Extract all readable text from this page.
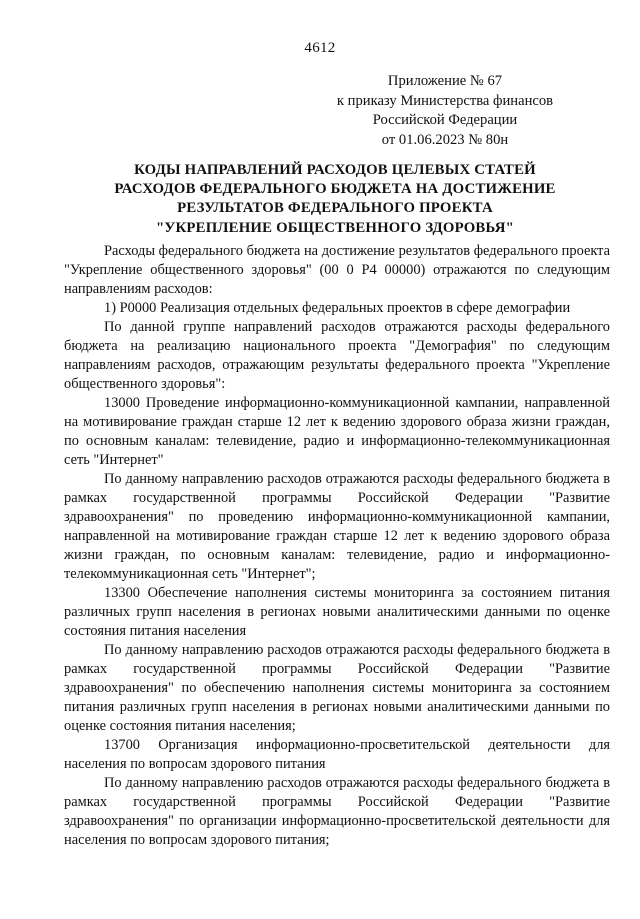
4612
Приложение № 67
к приказу Министерства финансов
Российской Федерации
от 01.06.2023 № 80н
КОДЫ НАПРАВЛЕНИЙ РАСХОДОВ ЦЕЛЕВЫХ СТАТЕЙ
РАСХОДОВ ФЕДЕРАЛЬНОГО БЮДЖЕТА НА ДОСТИЖЕНИЕ
РЕЗУЛЬТАТОВ ФЕДЕРАЛЬНОГО ПРОЕКТА
"УКРЕПЛЕНИЕ ОБЩЕСТВЕННОГО ЗДОРОВЬЯ"

Расходы федерального бюджета на достижение результатов федерального проекта "Укрепление общественного здоровья" (00 0 Р4 00000) отражаются по следующим направлениям расходов:

1) Р0000 Реализация отдельных федеральных проектов в сфере демографии

По данной группе направлений расходов отражаются расходы федерального бюджета на реализацию национального проекта "Демография" по следующим направлениям расходов, отражающим результаты федерального проекта "Укрепление общественного здоровья":

13000 Проведение информационно-коммуникационной кампании, направленной на мотивирование граждан старше 12 лет к ведению здорового образа жизни граждан, по основным каналам: телевидение, радио и информационно-телекоммуникационная сеть "Интернет"

По данному направлению расходов отражаются расходы федерального бюджета в рамках государственной программы Российской Федерации "Развитие здравоохранения" по проведению информационно-коммуникационной кампании, направленной на мотивирование граждан старше 12 лет к ведению здорового образа жизни граждан, по основным каналам: телевидение, радио и информационно-телекоммуникационная сеть "Интернет";

13300 Обеспечение наполнения системы мониторинга за состоянием питания различных групп населения в регионах новыми аналитическими данными по оценке состояния питания населения

По данному направлению расходов отражаются расходы федерального бюджета в рамках государственной программы Российской Федерации "Развитие здравоохранения" по обеспечению наполнения системы мониторинга за состоянием питания различных групп населения в регионах новыми аналитическими данными по оценке состояния питания населения;

13700 Организация информационно-просветительской деятельности для населения по вопросам здорового питания

По данному направлению расходов отражаются расходы федерального бюджета в рамках государственной программы Российской Федерации "Развитие здравоохранения" по организации информационно-просветительской деятельности для населения по вопросам здорового питания;
